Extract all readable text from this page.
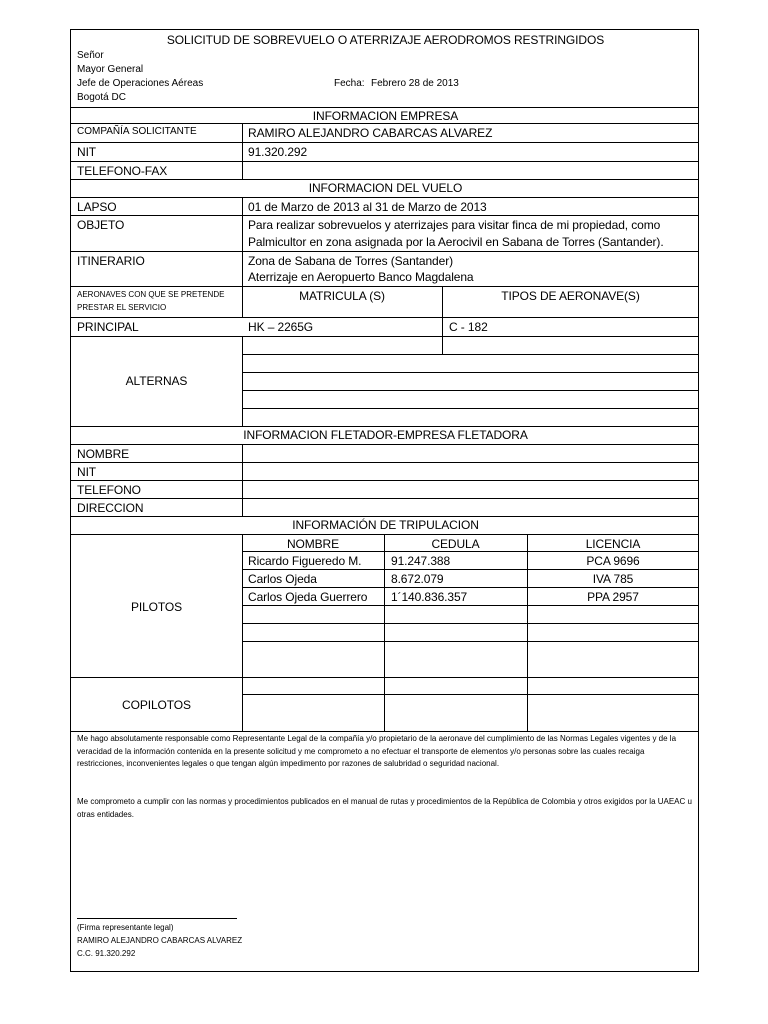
SOLICITUD DE SOBREVUELO O ATERRIZAJE AERODROMOS RESTRINGIDOS
Señor
Mayor General
Jefe de Operaciones Aéreas
Bogotá DC
Fecha: Febrero 28 de 2013
INFORMACION EMPRESA
COMPAÑÍA SOLICITANTE	RAMIRO ALEJANDRO CABARCAS ALVAREZ
NIT	91.320.292
TELEFONO-FAX
INFORMACION DEL VUELO
LAPSO	01 de Marzo de 2013 al 31 de Marzo de 2013
OBJETO	Para realizar sobrevuelos y aterrizajes para visitar finca de mi propiedad, como
Palmicultor en zona asignada por la Aerocivil en Sabana de Torres (Santander).
ITINERARIO	Zona de Sabana de Torres (Santander)
Aterrizaje en Aeropuerto Banco Magdalena
AERONAVES CON QUE SE PRETENDE
PRESTAR EL SERVICIO
MATRICULA (S)	TIPOS DE AERONAVE(S)
PRINCIPAL	HK – 2265G	C - 182
ALTERNAS
INFORMACION FLETADOR-EMPRESA FLETADORA
NOMBRE
NIT
TELEFONO
DIRECCION
INFORMACIÓN DE TRIPULACION
NOMBRE	CEDULA	LICENCIA
Ricardo Figueredo M. 91.247.388	PCA 9696
Carlos Ojeda	8.672.079	IVA 785
Carlos Ojeda Guerrero 1´140.836.357	PPA 2957
PILOTOS
COPILOTOS
Me hago absolutamente responsable como Representante Legal de la compañía y/o propietario de la aeronave del cumplimiento de las Normas Legales vigentes y de la veracidad de la información contenida en la presente solicitud y me comprometo a no efectuar el transporte de elementos y/o personas sobre las cuales recaiga restricciones, inconvenientes legales o que tengan algún impedimento por razones de salubridad o seguridad nacional.
Me comprometo a cumplir con las normas y procedimientos publicados en el manual de rutas y procedimientos de la República de Colombia y otros exigidos por la UAEAC u otras entidades.
(Firma representante legal)
RAMIRO ALEJANDRO CABARCAS ALVAREZ
C.C. 91.320.292
